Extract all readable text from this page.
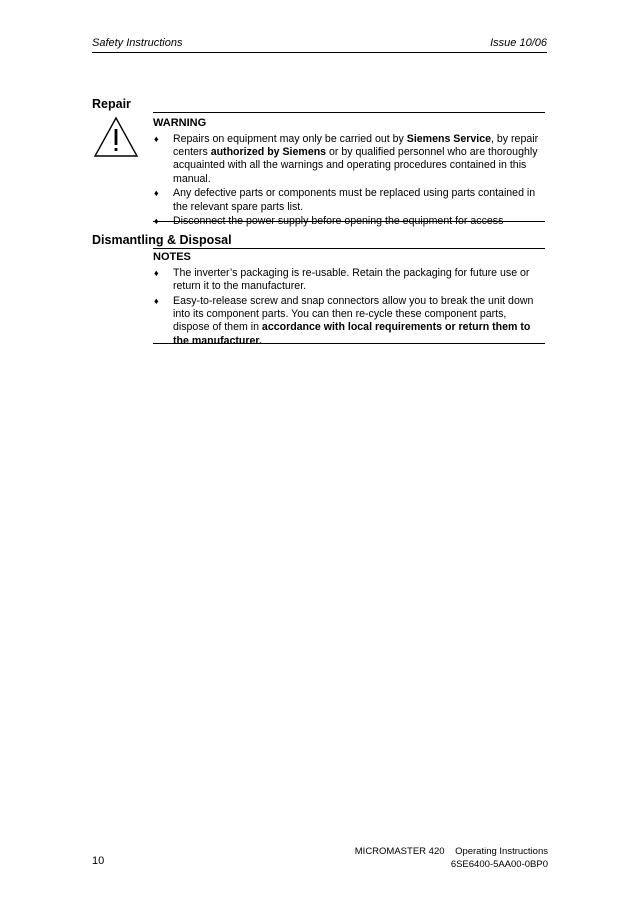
Safety Instructions	Issue 10/06
Repair
WARNING
♦ Repairs on equipment may only be carried out by Siemens Service, by repair centers authorized by Siemens or by qualified personnel who are thoroughly acquainted with all the warnings and operating procedures contained in this manual.
♦ Any defective parts or components must be replaced using parts contained in the relevant spare parts list.
♦ Disconnect the power supply before opening the equipment for access
Dismantling & Disposal
NOTES
♦ The inverter’s packaging is re-usable. Retain the packaging for future use or return it to the manufacturer.
♦ Easy-to-release screw and snap connectors allow you to break the unit down into its component parts. You can then re-cycle these component parts, dispose of them in accordance with local requirements or return them to the manufacturer.
MICROMASTER 420    Operating Instructions
6SE6400-5AA00-0BP0
10
